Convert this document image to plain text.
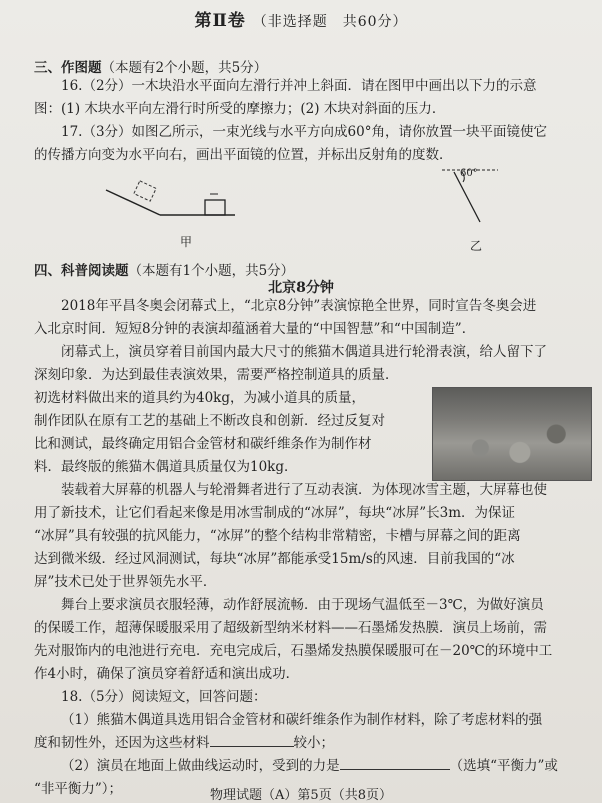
第Ⅱ卷 （非选择题　共60分）
三、作图题（本题有2个小题，共5分）
16.（2分）一木块沿水平面向左滑行并冲上斜面．请在图甲中画出以下力的示意
图：(1) 木块水平向左滑行时所受的摩擦力；(2) 木块对斜面的压力．
17.（3分）如图乙所示，一束光线与水平方向成60°角，请你放置一块平面镜使它
的传播方向变为水平向右，画出平面镜的位置，并标出反射角的度数．
甲
60°
乙
四、科普阅读题（本题有1个小题，共5分）
北京8分钟
2018年平昌冬奥会闭幕式上，“北京8分钟”表演惊艳全世界，同时宣告冬奥会进
入北京时间．短短8分钟的表演却蕴涵着大量的“中国智慧”和“中国制造”．
闭幕式上，演员穿着目前国内最大尺寸的熊猫木偶道具进行轮滑表演，给人留下了
深刻印象．为达到最佳表演效果，需要严格控制道具的质量．
初选材料做出来的道具约为40kg，为减小道具的质量，
制作团队在原有工艺的基础上不断改良和创新．经过反复对
比和测试，最终确定用铝合金管材和碳纤维条作为制作材
料．最终版的熊猫木偶道具质量仅为10kg．
装载着大屏幕的机器人与轮滑舞者进行了互动表演．为体现冰雪主题，大屏幕也使
用了新技术，让它们看起来像是用冰雪制成的“冰屏”，每块“冰屏”长3m．为保证
“冰屏”具有较强的抗风能力，“冰屏”的整个结构非常精密，卡槽与屏幕之间的距离
达到微米级．经过风洞测试，每块“冰屏”都能承受15m/s的风速．目前我国的“冰
屏”技术已处于世界领先水平．
舞台上要求演员衣服轻薄，动作舒展流畅．由于现场气温低至－3℃，为做好演员
的保暖工作，超薄保暖服采用了超级新型纳米材料——石墨烯发热膜．演员上场前，需
先对服饰内的电池进行充电．充电完成后，石墨烯发热膜保暖服可在－20℃的环境中工
作4小时，确保了演员穿着舒适和演出成功．
18.（5分）阅读短文，回答问题：
（1）熊猫木偶道具选用铝合金管材和碳纤维条作为制作材料，除了考虑材料的强
度和韧性外，还因为这些材料	较小；
（2）演员在地面上做曲线运动时，受到的力是	（选填“平衡力”或
“非平衡力”）；	物理试题（A）第5页（共8页）
